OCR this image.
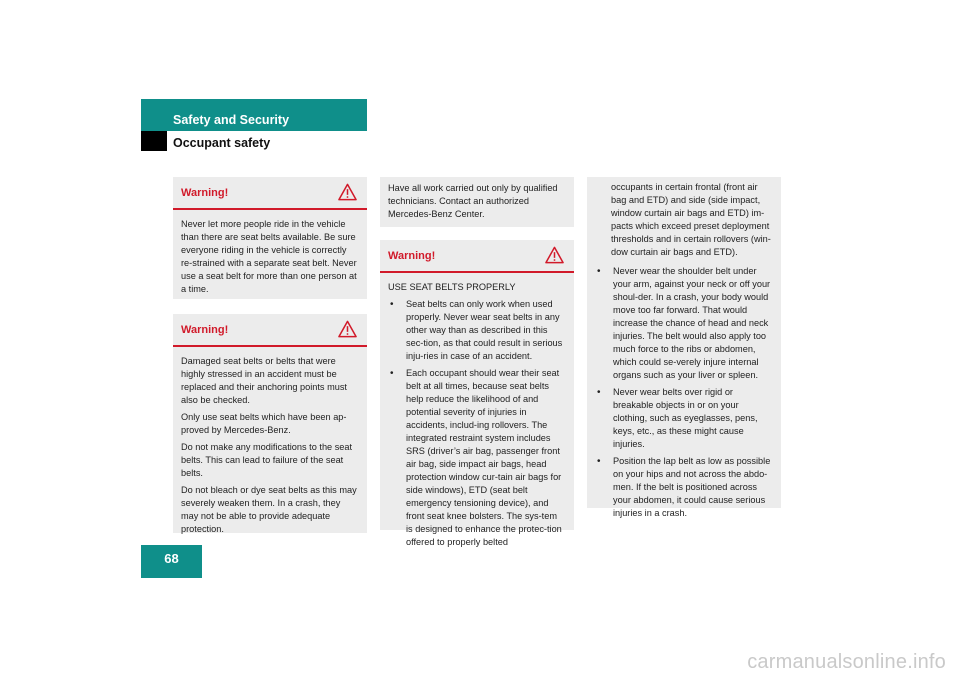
Safety and Security
Occupant safety
Warning!

Never let more people ride in the vehicle than there are seat belts available. Be sure everyone riding in the vehicle is correctly re-strained with a separate seat belt. Never use a seat belt for more than one person at a time.

Warning!

Damaged seat belts or belts that were highly stressed in an accident must be replaced and their anchoring points must also be checked.

Only use seat belts which have been ap-proved by Mercedes-Benz.

Do not make any modifications to the seat belts. This can lead to failure of the seat belts.

Do not bleach or dye seat belts as this may severely weaken them. In a crash, they may not be able to provide adequate protection.

Have all work carried out only by qualified technicians. Contact an authorized Mercedes-Benz Center.

Warning!

USE SEAT BELTS PROPERLY

• Seat belts can only work when used properly. Never wear seat belts in any other way than as described in this sec-tion, as that could result in serious inju-ries in case of an accident.
• Each occupant should wear their seat belt at all times, because seat belts help reduce the likelihood of and potential severity of injuries in accidents, includ-ing rollovers. The integrated restraint system includes SRS (driver’s air bag, passenger front air bag, side impact air bags, head protection window cur-tain air bags for side windows), ETD (seat belt emergency tensioning device), and front seat knee bolsters. The sys-tem is designed to enhance the protec-tion offered to properly belted

occupants in certain frontal (front air bag and ETD) and side (side impact, window curtain air bags and ETD) im-pacts which exceed preset deployment thresholds and in certain rollovers (win-dow curtain air bags and ETD).

• Never wear the shoulder belt under your arm, against your neck or off your shoul-der. In a crash, your body would move too far forward. That would increase the chance of head and neck injuries. The belt would also apply too much force to the ribs or abdomen, which could se-verely injure internal organs such as your liver or spleen.
• Never wear belts over rigid or breakable objects in or on your clothing, such as eyeglasses, pens, keys, etc., as these might cause injuries.
• Position the lap belt as low as possible on your hips and not across the abdo-men. If the belt is positioned across your abdomen, it could cause serious injuries in a crash.
68
carmanualsonline.info
